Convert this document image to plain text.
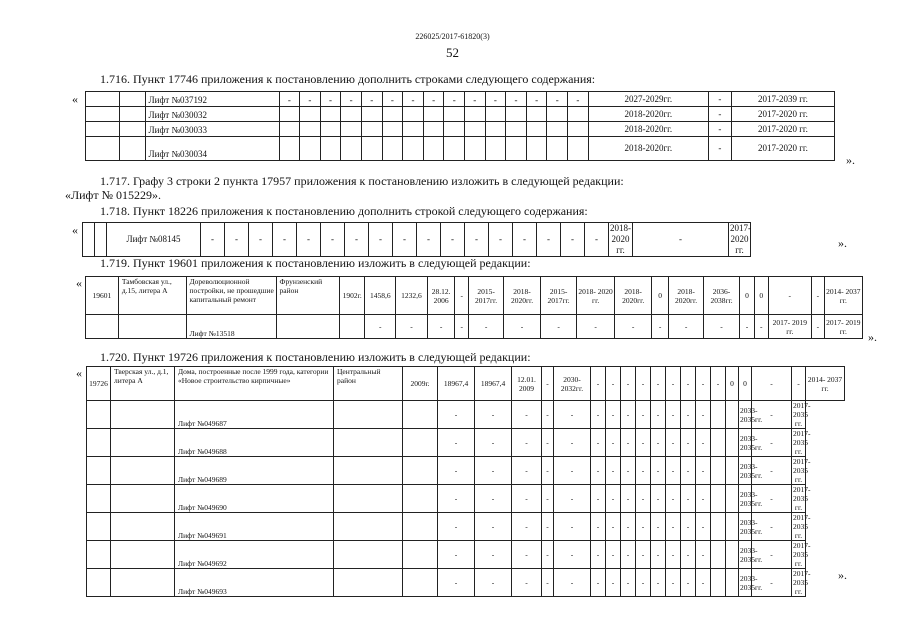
226025/2017-61820(3)
52
1.716. Пункт 17746 приложения к постановлению дополнить строками следующего содержания:
«
			Лифт №037192	-	-	-	-	-	-	-	-	-	-	-	-	-	-	-	2027-2029гг.	-	2017-2039 гг.
		Лифт №030032																2018-2020гг.	-	2017-2020 гг.
		Лифт №030033																2018-2020гг.	-	2017-2020 гг.
		Лифт №030034																2018-2020гг.	-	2017-2020 гг.
».
1.717. Графу 3 строки 2 пункта 17957 приложения к постановлению изложить в следующей редакции:
«Лифт № 015229».
1.718. Пункт 18226 приложения к постановлению дополнить строкой следующего содержания:
«
		Лифт №08145	-	-	-	-	-	-	-	-	-	-	-	-	-	-	-	-	-	2018-2020 гг.	-	2017-2020 гг.	».
1.719. Пункт 19601 приложения к постановлению изложить в следующей редакции:
«
19601	Тамбовская ул., д.15, литера А	Дореволюционной постройки, не прошедшие капитальный ремонт	Фрунзенский район	1902г.	1458,6	1232,6	28.12. 2006	-	2015- 2017гг.	2018- 2020гг.	2015- 2017гг.	2018- 2020 гг.	2018- 2020гг.	0	2018- 2020гг.	2036- 2038гг.	0	0	-	-	2014- 2037 гг.
		Лифт №13518			-	-	-	-	-	-	-	-	-	-	-	-	-	-	2017- 2019 гг.	-	2017- 2019 гг. ».
1.720. Пункт 19726 приложения к постановлению изложить в следующей редакции:
«
19726	Тверская ул., д.1, литера А	Дома, построенные после 1999 года, категории «Новое строительство кирпичные»	Центральный район	2009г.	18967,4	18967,4	12.01. 2009	-	2030- 2032гг.	-	-	-	-	-	-	-	-	-	0	0	-	-	2014- 2037 гг.
		Лифт №049687			-	-	-	-	-	-	-	-	-	-	-	-	-			2033- 2035гг.	-	2017- 2035 гг.	
		Лифт №049688			-	-	-	-	-	-	-	-	-	-	-	-	-			2033- 2035гг.	-	2017- 2035 гг.	
		Лифт №049689			-	-	-	-	-	-	-	-	-	-	-	-	-			2033- 2035гг.	-	2017- 2035 гг.	
		Лифт №049690			-	-	-	-	-	-	-	-	-	-	-	-	-			2033- 2035гг.	-	2017- 2035 гг.	
		Лифт №049691			-	-	-	-	-	-	-	-	-	-	-	-	-			2033- 2035гг.	-	2017- 2035 гг.	
		Лифт №049692			-	-	-	-	-	-	-	-	-	-	-	-	-			2033- 2035гг.	-	2017- 2035 гг.	
		Лифт №049693			-	-	-	-	-	-	-	-	-	-	-	-	-			2033- 2035гг.	-	2017- 2035 гг.	
».
